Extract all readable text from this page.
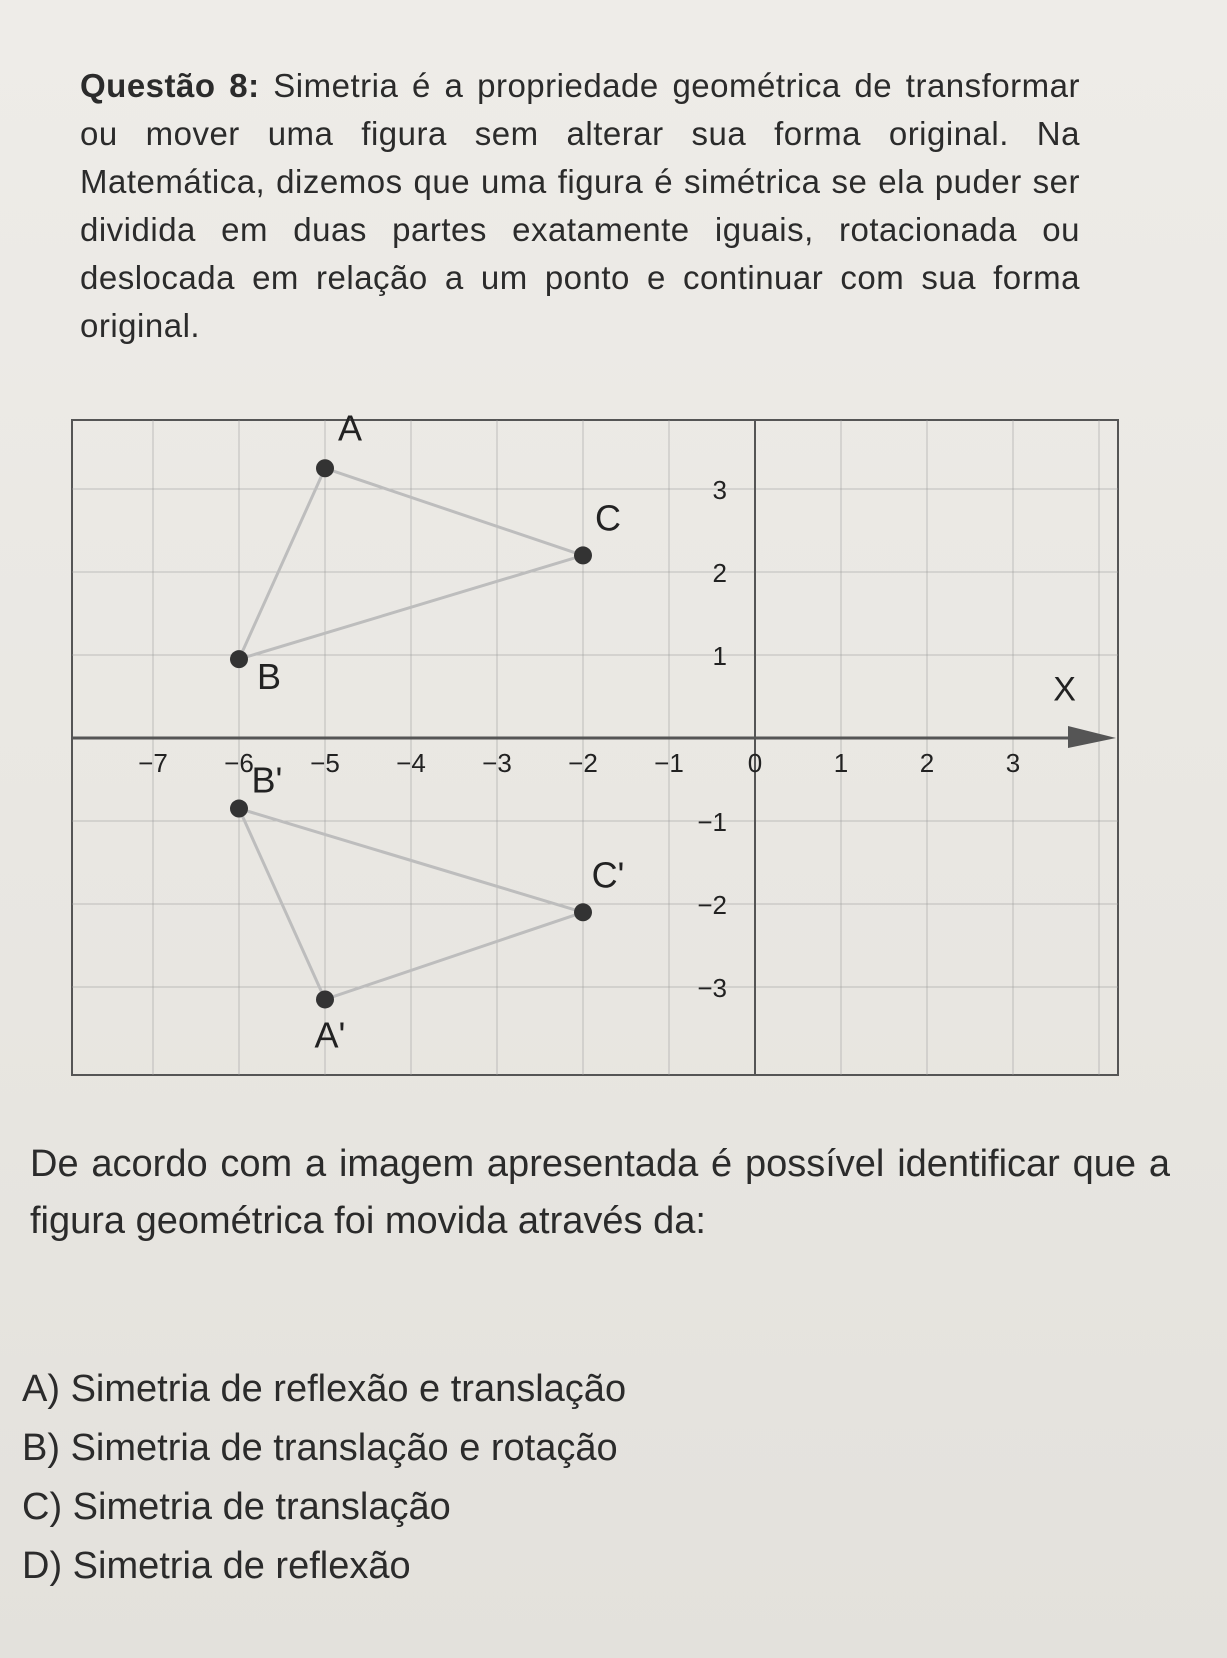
Questão 8: Simetria é a propriedade geométrica de transformar ou mover uma figura sem alterar sua forma original. Na Matemática, dizemos que uma figura é simétrica se ela puder ser dividida em duas partes exatamente iguais, rotacionada ou deslocada em relação a um ponto e continuar com sua forma original.
X
−7 −6 −5 −4 −3 −2 −1 0	1	2	3
3
2
1
−1
−2
−3
A
B
C
A'
B'
C'
De acordo com a imagem apresentada é possível identificar que a figura geométrica foi movida através da:
A) Simetria de reflexão e translação
B) Simetria de translação e rotação
C) Simetria de translação
D) Simetria de reflexão
